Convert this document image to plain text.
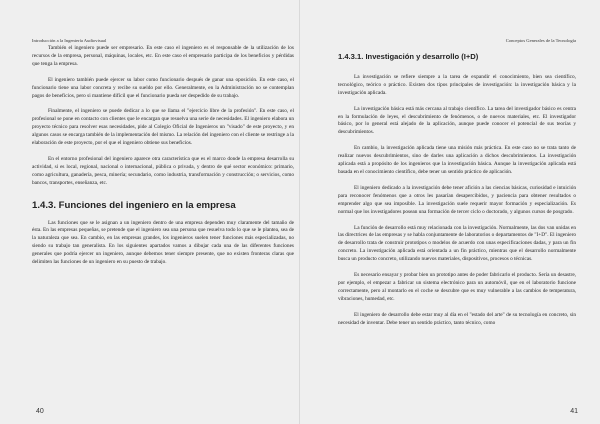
Introducción a la Ingeniería Audiovisual

También el ingeniero puede ser empresario. En este caso el ingeniero es el responsable de la utilización de los recursos de la empresa, personal, máquinas, locales, etc. En este caso el empresario participa de los beneficios y pérdidas que tenga la empresa.

El ingeniero también puede ejercer su labor como funcionario después de ganar una oposición. En este caso, el funcionario tiene una labor concreta y recibe su sueldo por ello. Generalmente, en la Administración no se contemplan pagos de beneficios, pero si mantiene difícil que el funcionario pueda ser despedido de su trabajo.

Finalmente, el ingeniero se puede dedicar a lo que se llama el "ejercicio libre de la profesión". En este caso, el profesional se pone en contacto con clientes que le encargan que resuelva una serie de necesidades. El ingeniero elabora un proyecto técnico para resolver esas necesidades, pide al Colegio Oficial de Ingenieros un "visado" de este proyecto, y en algunos casos se encarga también de la implementación del mismo. La relación del ingeniero con el cliente se restringe a la elaboración de este proyecto, por el que el ingeniero obtiene sus beneficios.

En el entorno profesional del ingeniero aparece otra característica que es el marco donde la empresa desarrolla su actividad, si es local, regional, nacional o internacional, pública o privada, y dentro de qué sector económico: primario, como agricultura, ganadería, pesca, minería; secundario, como industria, transformación y construcción; o servicios, como bancos, transportes, enseñanza, etc.

1.4.3. Funciones del ingeniero en la empresa

Las funciones que se le asignan a un ingeniero dentro de una empresa dependen muy claramente del tamaño de ésta. En las empresas pequeñas, se pretende que el ingeniero sea una persona que resuelva todo lo que se le plantea, sea de la naturaleza que sea. En cambio, en las empresas grandes, los ingenieros suelen tener funciones más especializadas, no siendo su trabajo tan generalista. En los siguientes apartados vamos a dibujar cada una de las diferentes funciones generales que podría ejercer un ingeniero, aunque debemos tener siempre presente, que no existen fronteras claras que delimiten las funciones de un ingeniero en su puesto de trabajo.

40
Conceptos Generales de la Tecnología
41
1.4.3.1. Investigación y desarrollo (I+D)

La investigación se refiere siempre a la tarea de expandir el conocimiento, bien sea científico, tecnológico, teórico o práctico. Existen dos tipos principales de investigación: la investigación básica y la investigación aplicada.

La investigación básica está más cercana al trabajo científico. La tarea del investigador básico es centra en la formulación de leyes, el descubrimiento de fenómenos, o de nuevos materiales, etc. El investigador básico, por lo general está alejado de la aplicación, aunque puede conocer el potencial de sus teorías y descubrimientos.

En cambio, la investigación aplicada tiene una misión más práctica. En este caso no se trata tanto de realizar nuevos descubrimientos, sino de darles una aplicación a dichos descubrimientos. La investigación aplicada está a propósito de los ingenieros que la investigación básica. Aunque la investigación aplicada está basada en el conocimiento científico, debe tener un sentido práctico de aplicación.

El ingeniero dedicado a la investigación debe tener afición a las ciencias básicas, curiosidad e intuición para reconocer fenómenos que a otros les pasarían desapercibidos, y paciencia para obtener resultados o emprender algo que sea imposible. La investigación suele requerir mayor formación y especialización. Es normal que los investigadores posean una formación de tercer ciclo o doctorado, y algunos cursos de posgrado.

La función de desarrollo está muy relacionada con la investigación. Normalmente, las dos van unidas en las directrices de las empresas y se habla conjuntamente de laboratorios o departamentos de "I+D". El ingeniero de desarrollo trata de construir prototipos o modelos de acuerdo con unas especificaciones dadas, y para un fin concreto. La investigación aplicada está orientada a un fin práctico, mientras que el desarrollo normalmente busca un producto concreto, utilizando nuevos materiales, dispositivos, procesos o técnicas.

Es necesario ensayar y probar bien un prototipo antes de poder fabricarlo el producto. Sería un desastre, por ejemplo, el empezar a fabricar un sistema electrónico para un automóvil, que en el laboratorio funcione correctamente, pero al montarlo en el coche se descubre que es muy vulnerable a las cambios de temperatura, vibraciones, humedad, etc.

El ingeniero de desarrollo debe estar muy al día en el "estado del arte" de su tecnología en concreto, sin necesidad de inventar. Debe tener un sentido práctico, tanto técnico, como
